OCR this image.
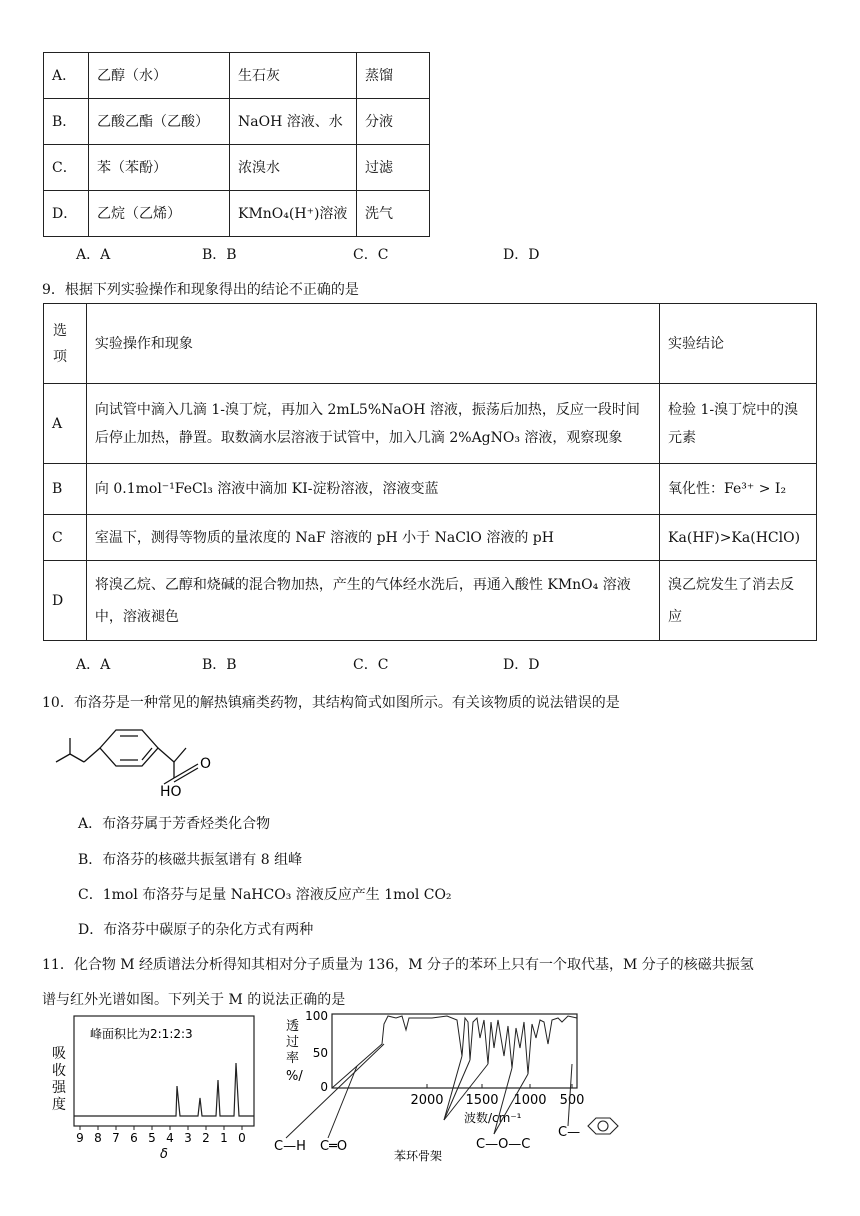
A．	乙醇（水）	生石灰	蒸馏
B．	乙酸乙酯（乙酸）	NaOH 溶液、水	分液
C．	苯（苯酚）	浓溴水	过滤
D．	乙烷（乙烯）	KMnO₄(H⁺)溶液	洗气
A．A	B．B	C．C	D．D
9．根据下列实验操作和现象得出的结论不正确的是
选项	实验操作和现象	实验结论
A	向试管中滴入几滴 1-溴丁烷，再加入 2mL5%NaOH 溶液，振荡后加热，反应一段时间后停止加热，静置。取数滴水层溶液于试管中，加入几滴 2%AgNO₃ 溶液，观察现象	检验 1-溴丁烷中的溴元素
B	向 0.1mol⁻¹FeCl₃ 溶液中滴加 KI-淀粉溶液，溶液变蓝	氧化性：Fe³⁺ > I₂
C	室温下，测得等物质的量浓度的 NaF 溶液的 pH 小于 NaClO 溶液的 pH	Ka(HF)>Ka(HClO)
D	将溴乙烷、乙醇和烧碱的混合物加热，产生的气体经水洗后，再通入酸性 KMnO₄ 溶液中，溶液褪色	溴乙烷发生了消去反应
A．A	B．B	C．C	D．D
10．布洛芬是一种常见的解热镇痛类药物，其结构简式如图所示。有关该物质的说法错误的是
O
HO
A．布洛芬属于芳香烃类化合物
B．布洛芬的核磁共振氢谱有 8 组峰
C．1mol 布洛芬与足量 NaHCO₃ 溶液反应产生 1mol CO₂
D．布洛芬中碳原子的杂化方式有两种
11．化合物 M 经质谱法分析得知其相对分子质量为 136，M 分子的苯环上只有一个取代基，M 分子的核磁共振氢
谱与红外光谱如图。下列关于 M 的说法正确的是
峰面积比为2:1:2:3
吸
收
强
度
9 8 7 6 5 4 3 2 1 0
δ
透
过
率
%/
100
50
0
2000 1500 1000 500
波数/cm⁻¹
C—H C═O
苯环骨架
C—O—C
C—
